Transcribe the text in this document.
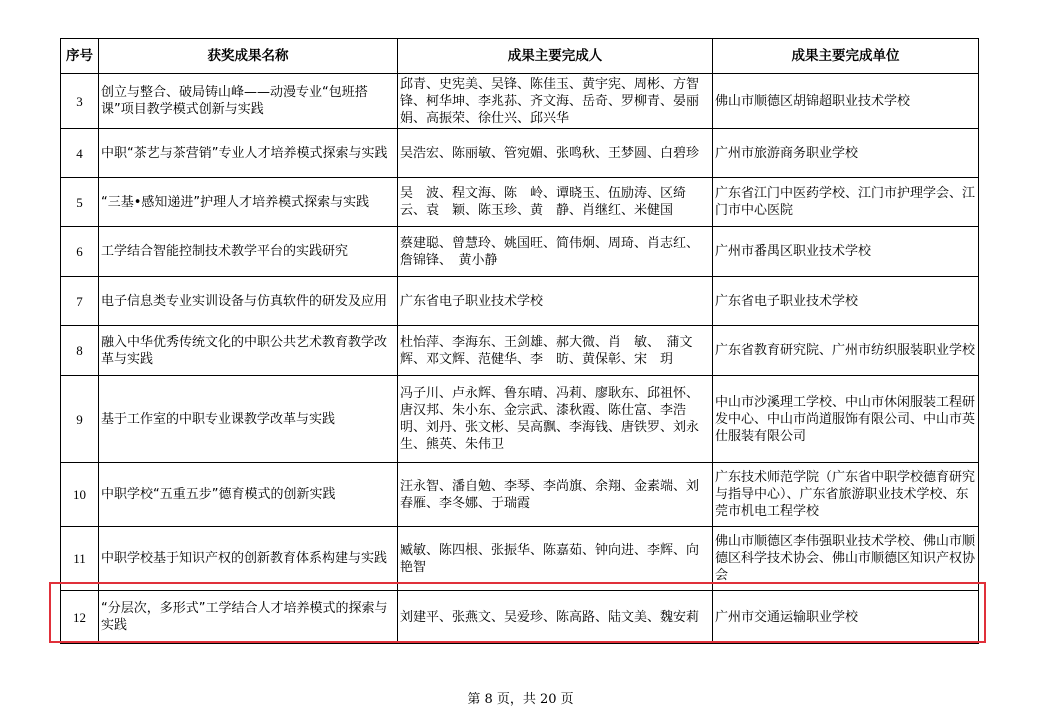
序号	获奖成果名称	成果主要完成人	成果主要完成单位
3	创立与整合、破局铸山峰——动漫专业“包班搭课”项目教学模式创新与实践	邱青、史宪美、吴锋、陈佳玉、黄宇宪、周彬、方智锋、柯华坤、李兆荪、齐文海、岳奇、罗柳青、晏丽娟、高振荣、徐仕兴、邱兴华	佛山市顺德区胡锦超职业技术学校
4	中职“茶艺与茶营销”专业人才培养模式探索与实践	吴浩宏、陈丽敏、管宛媚、张鸣秋、王梦圆、白碧珍	广州市旅游商务职业学校
5	“三基•感知递进”护理人才培养模式探索与实践	吴　波、程文海、陈　岭、谭晓玉、伍励涛、区绮云、袁　颖、陈玉珍、黄　静、肖继红、米健国	广东省江门中医药学校、江门市护理学会、江门市中心医院
6	工学结合智能控制技术教学平台的实践研究	蔡建聪、曾慧玲、姚国旺、简伟炯、周琦、肖志红、詹锦锋、　黄小静	广州市番禺区职业技术学校
7	电子信息类专业实训设备与仿真软件的研发及应用	广东省电子职业技术学校	广东省电子职业技术学校
8	融入中华优秀传统文化的中职公共艺术教育教学改革与实践	杜怡萍、李海东、王剑雄、郝大微、肖　敏、　蒲文辉、邓文辉、范健华、李　昉、黄保彰、宋　玥	广东省教育研究院、广州市纺织服装职业学校
9	基于工作室的中职专业课教学改革与实践	冯子川、卢永辉、鲁东晴、冯莉、廖耿东、邱祖怀、唐汉邦、朱小东、金宗武、漆秋霞、陈仕富、李浩明、刘丹、张文彬、吴高飘、李海钱、唐铁罗、刘永生、熊英、朱伟卫	中山市沙溪理工学校、中山市休闲服装工程研发中心、中山市尚道服饰有限公司、中山市英仕服装有限公司
10	中职学校“五重五步”德育模式的创新实践	汪永智、潘自勉、李琴、李尚旗、余翔、金素端、刘春雁、李冬娜、于瑞霞	广东技术师范学院（广东省中职学校德育研究与指导中心）、广东省旅游职业技术学校、东莞市机电工程学校
11	中职学校基于知识产权的创新教育体系构建与实践	臧敏、陈四根、张振华、陈嘉茹、钟向进、李辉、向艳智	佛山市顺德区李伟强职业技术学校、佛山市顺德区科学技术协会、佛山市顺德区知识产权协会
12	“分层次，多形式”工学结合人才培养模式的探索与实践	刘建平、张燕文、吴爱珍、陈高路、陆文美、魏安莉	广州市交通运输职业学校
第 8 页，共 20 页
